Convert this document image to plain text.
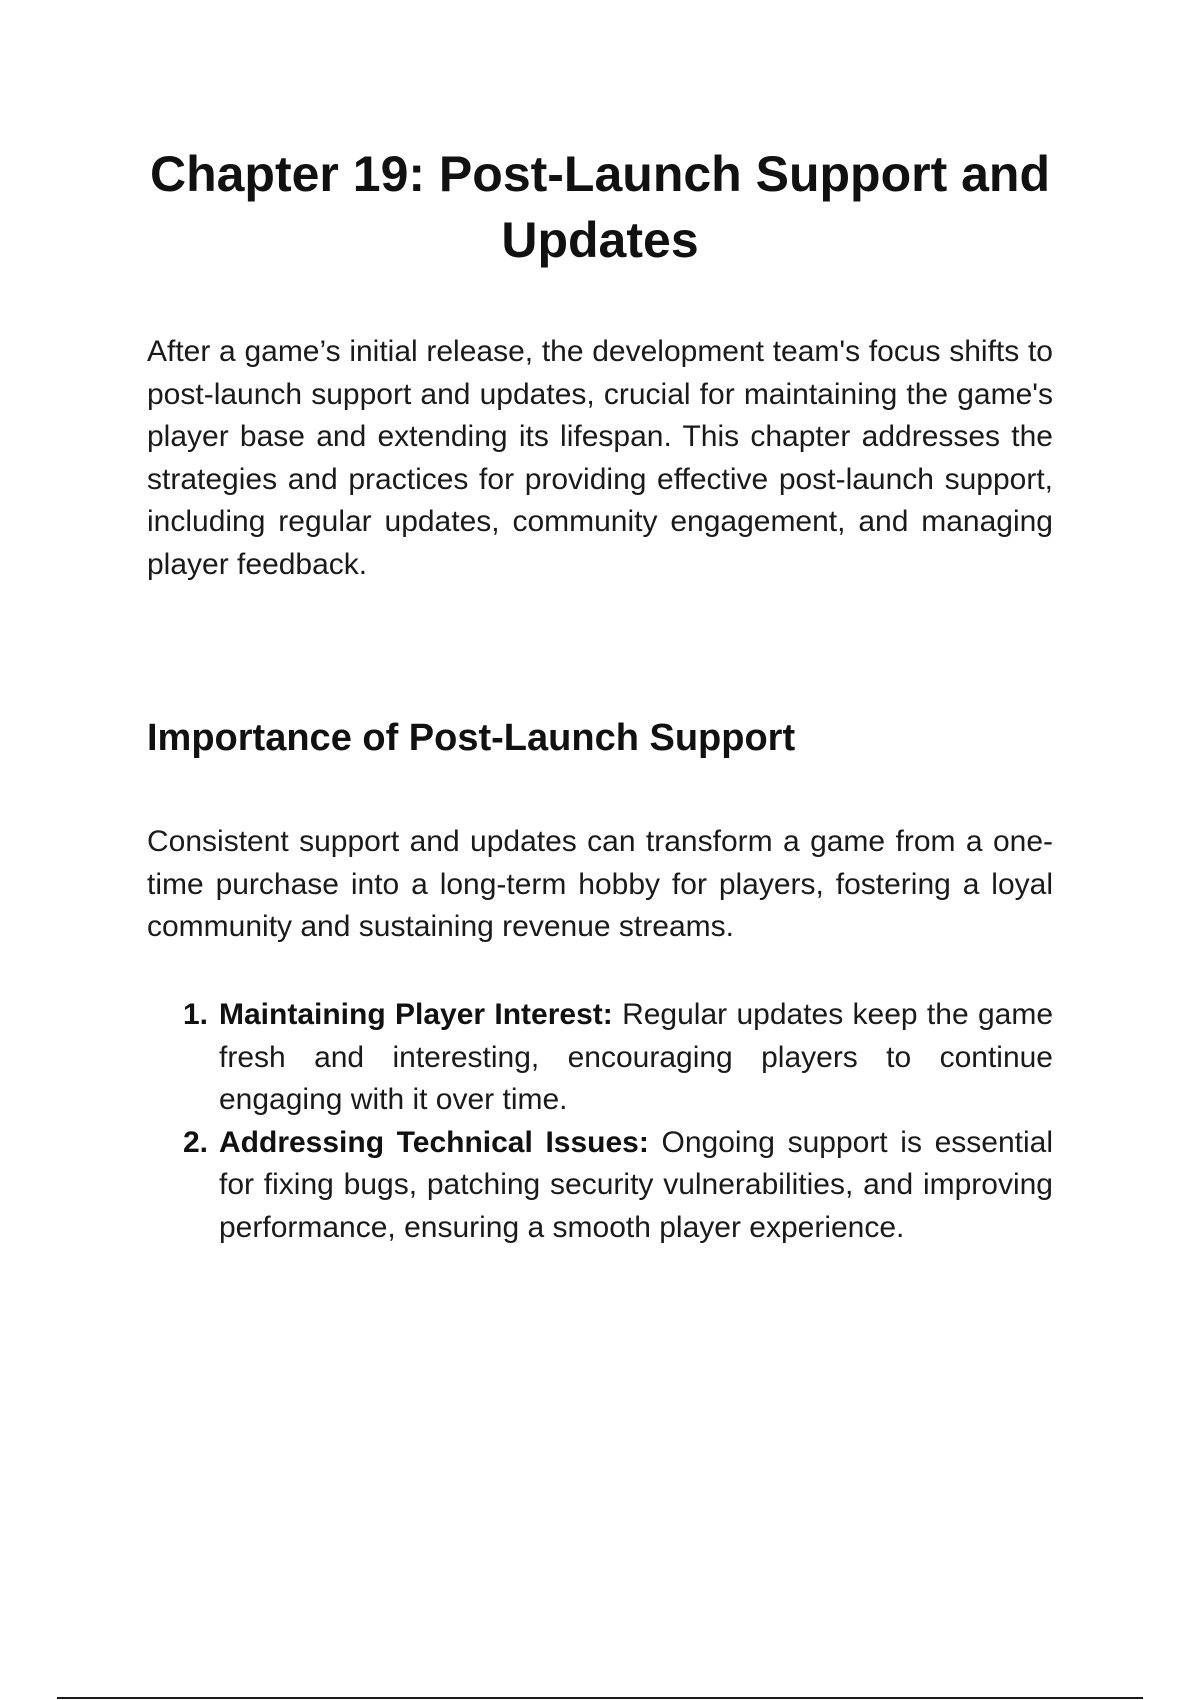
Chapter 19: Post-Launch Support and Updates

After a game’s initial release, the development team's focus shifts to post-launch support and updates, crucial for maintaining the game's player base and extending its lifespan. This chapter addresses the strategies and practices for providing effective post-launch support, including regular updates, community engagement, and managing player feedback.

Importance of Post-Launch Support

Consistent support and updates can transform a game from a one-time purchase into a long-term hobby for players, fostering a loyal community and sustaining revenue streams.

1. Maintaining Player Interest: Regular updates keep the game fresh and interesting, encouraging players to continue engaging with it over time.
2. Addressing Technical Issues: Ongoing support is essential for fixing bugs, patching security vulnerabilities, and improving performance, ensuring a smooth player experience.
